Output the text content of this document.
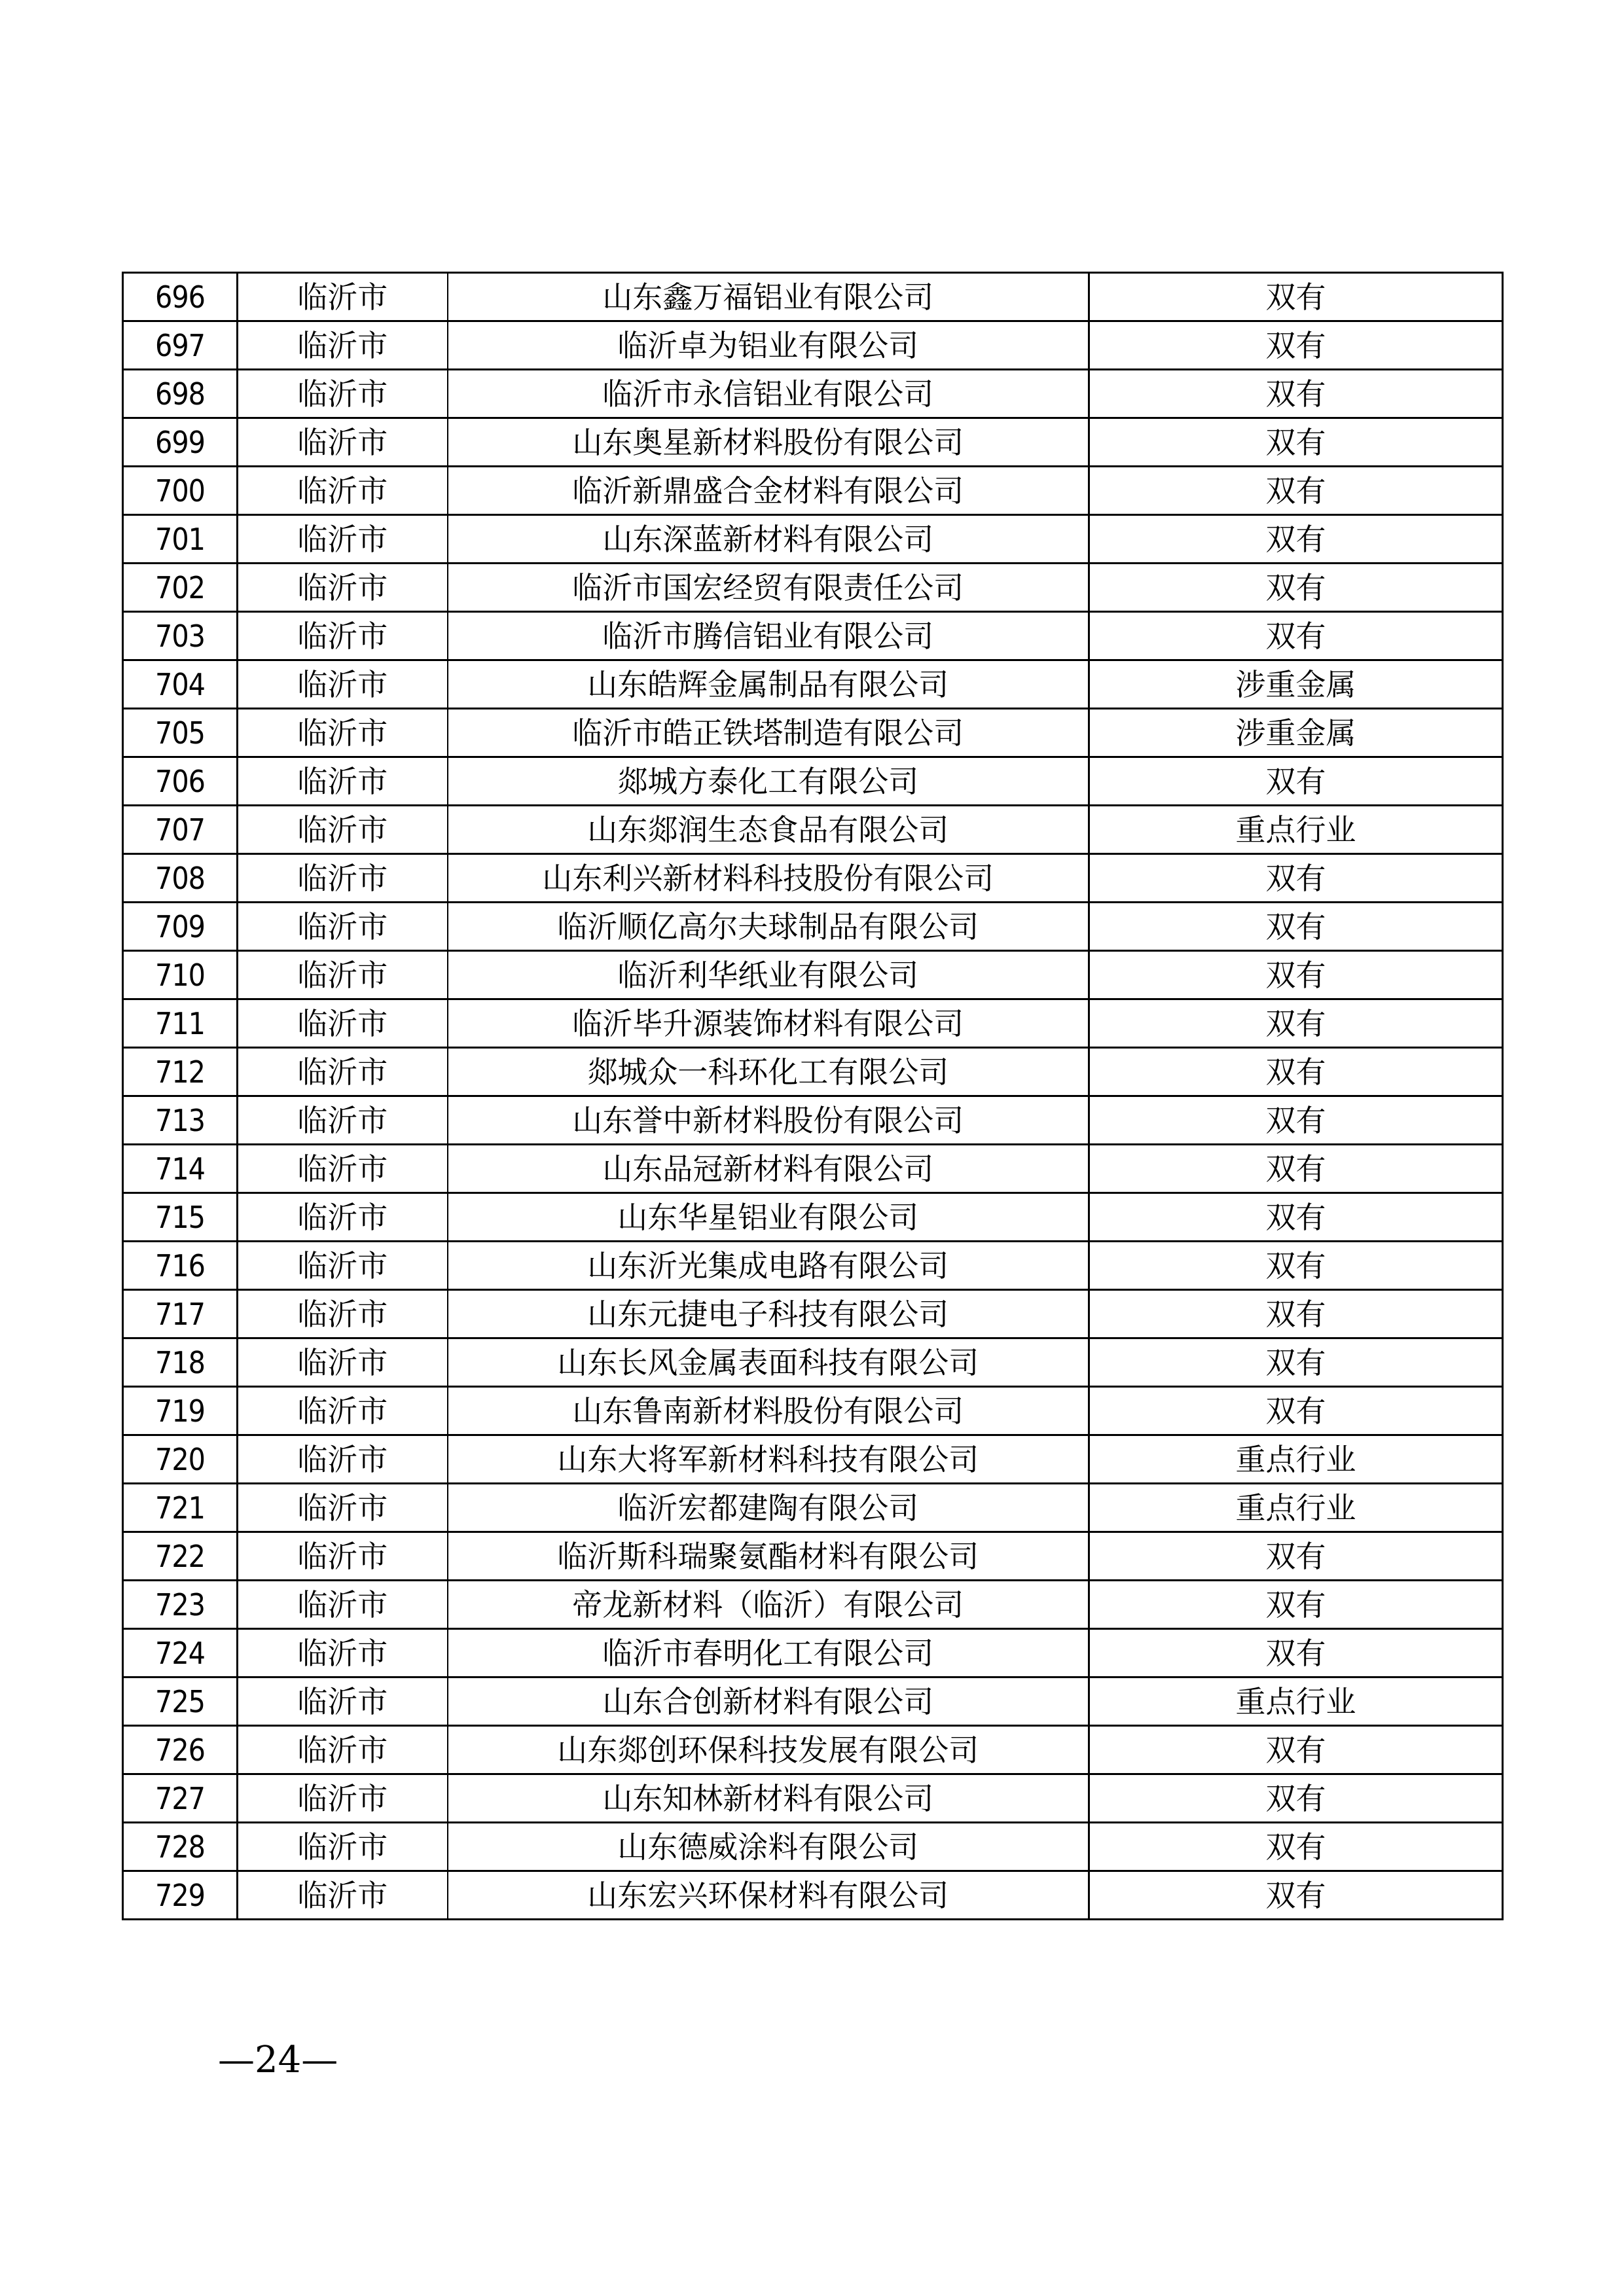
696	临沂市	山东鑫万福铝业有限公司	双有
697	临沂市	临沂卓为铝业有限公司	双有
698	临沂市	临沂市永信铝业有限公司	双有
699	临沂市	山东奥星新材料股份有限公司	双有
700	临沂市	临沂新鼎盛合金材料有限公司	双有
701	临沂市	山东深蓝新材料有限公司	双有
702	临沂市	临沂市国宏经贸有限责任公司	双有
703	临沂市	临沂市腾信铝业有限公司	双有
704	临沂市	山东皓辉金属制品有限公司	涉重金属
705	临沂市	临沂市皓正铁塔制造有限公司	涉重金属
706	临沂市	郯城方泰化工有限公司	双有
707	临沂市	山东郯润生态食品有限公司	重点行业
708	临沂市	山东利兴新材料科技股份有限公司	双有
709	临沂市	临沂顺亿高尔夫球制品有限公司	双有
710	临沂市	临沂利华纸业有限公司	双有
711	临沂市	临沂毕升源装饰材料有限公司	双有
712	临沂市	郯城众一科环化工有限公司	双有
713	临沂市	山东誉中新材料股份有限公司	双有
714	临沂市	山东品冠新材料有限公司	双有
715	临沂市	山东华星铝业有限公司	双有
716	临沂市	山东沂光集成电路有限公司	双有
717	临沂市	山东元捷电子科技有限公司	双有
718	临沂市	山东长风金属表面科技有限公司	双有
719	临沂市	山东鲁南新材料股份有限公司	双有
720	临沂市	山东大将军新材料科技有限公司	重点行业
721	临沂市	临沂宏都建陶有限公司	重点行业
722	临沂市	临沂斯科瑞聚氨酯材料有限公司	双有
723	临沂市	帝龙新材料（临沂）有限公司	双有
724	临沂市	临沂市春明化工有限公司	双有
725	临沂市	山东合创新材料有限公司	重点行业
726	临沂市	山东郯创环保科技发展有限公司	双有
727	临沂市	山东知林新材料有限公司	双有
728	临沂市	山东德威涂料有限公司	双有
729	临沂市	山东宏兴环保材料有限公司	双有
—24—
